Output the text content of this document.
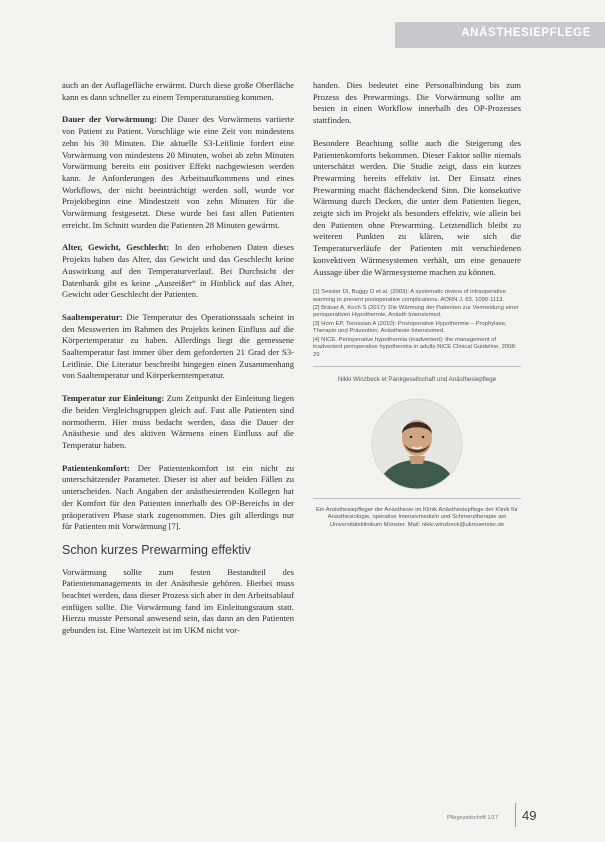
ANÄSTHESIEPFLEGE

auch an der Auflagefläche erwärmt. Durch diese große Oberfläche kann es dann schneller zu einem Temperaturanstieg kommen.

Dauer der Vorwärmung: Die Dauer des Vorwärmens variierte von Patient zu Patient. Vorschläge wie eine Zeit von mindestens zehn bis 30 Minuten. Die aktuelle S3-Leitlinie fordert eine Vorwärmung von mindestens 20 Minuten, wobei ab zehn Minuten Vorwärmung bereits ein positiver Effekt nachgewiesen werden kann. Je Anforderungen des Arbeitsaufkommens und eines Workflows, der nicht beeinträchtigt werden soll, wurde vor Projektbeginn eine Mindestzeit von zehn Minuten für die Vorwärmung festgesetzt. Diese wurde bei fast allen Patienten erreicht. Im Schnitt wurden die Patienten 28 Minuten gewärmt.

Alter, Gewicht, Geschlecht: In den erhobenen Daten dieses Projekts haben das Alter, das Gewicht und das Geschlecht keine Auswirkung auf den Temperaturverlauf. Bei Durchsicht der Datenbank gibt es keine „Ausreißer“ in Hinblick auf das Alter, Gewicht oder Geschlecht der Patienten.

Saaltemperatur: Die Temperatur des Operationssaals scheint in den Messwerten im Rahmen des Projekts keinen Einfluss auf die Körpertemperatur zu haben. Allerdings liegt die gemessene Saaltemperatur fast immer über dem geforderten 21 Grad der S3-Leitlinie. Die Literatur beschreibt hingegen einen Zusammenhang von Saaltemperatur und Körperkerntemperatur.

Temperatur zur Einleitung: Zum Zeitpunkt der Einleitung liegen die beiden Vergleichsgruppen gleich auf. Fast alle Patienten sind normotherm. Hier muss bedacht werden, dass die Dauer der Anästhesie und des aktiven Wärmens einen Einfluss auf die Temperatur haben.

Patientenkomfort: Der Patientenkomfort ist ein nicht zu unterschätzender Parameter. Dieser ist aber auf beiden Fällen zu unterscheiden. Nach Angaben der anästhesierenden Kollegen hat der Komfort für den Patienten innerhalb des OP-Bereichs in der präoperativen Phase stark zugenommen. Dies gilt allerdings nur für Patienten mit Vorwärmung [7].

Schon kurzes Prewarming effektiv

Vorwärmung sollte zum festen Bestandteil des Patientenmanagements in der Anästhesie gehören. Hierbei muss beachtet werden, dass dieser Prozess sich aber in den Arbeitsablauf einfügen sollte. Die Vorwärmung fand im Einleitungsraum statt. Hierzu musste Personal anwesend sein, das dann an den Patienten gebunden ist. Eine Wartezeit ist im UKM nicht vor-

handen. Dies bedeutet eine Personalbindung bis zum Prozess des Prewarmings. Die Vorwärmung sollte am besten in einen Workflow innerhalb des OP-Prozesses stattfinden.

Besondere Beachtung sollte auch die Steigerung des Patientenkomforts bekommen. Dieser Faktor sollte niemals unterschätzt werden. Die Studie zeigt, dass ein kurzes Prewarming bereits effektiv ist. Der Einsatz eines Prewarming macht flächendeckend Sinn. Die konsekutive Wärmung durch Decken, die unter dem Patienten liegen, zeigte sich im Projekt als besonders effektiv, wie allein bei den Patienten ohne Prewarming. Letztendlich bleibt zu weiteren Punkten zu klären, wie sich die Temperaturverläufe der Patienten mit verschiedenen konvektiven Wärmesystemen verhält, um eine genauere Aussage über die Wärmesysteme machen zu können.

[1] Sessler DI, Buggy D et al. (2003): A systematic review of intraoperative warming to prevent postoperative complications. AORN J. 83, 1090-1113.
[2] Bräuer A, Koch S (2017): Die Wärmung der Patienten zur Vermeidung einer perioperativen Hypothermie. Anästh Intensivmed.
[3] Horn EP, Torossian A (2010): Postoperative Hypothermie – Prophylaxe, Therapie und Prävention. Anästhesie Intensivmed.
[4] NICE. Perioperative hypothermia (inadvertent): the management of inadvertent perioperative hypothermia in adults NICE Clinical Guideline, 2008: 29
Nikki Winzbeck et Pankgesellschaft und Anästhesiepflege
Ein Anästhesiepfleger der Anästhesie im Klinik Anästhesiepflege der Klinik für Anästhesiologie, operative Intensivmedizin und Schmerztherapie am Universitätsklinikum Münster. Mail: nikki.winzbeck@ukmuenster.de
Pflegezeitschrift 1/17 49
